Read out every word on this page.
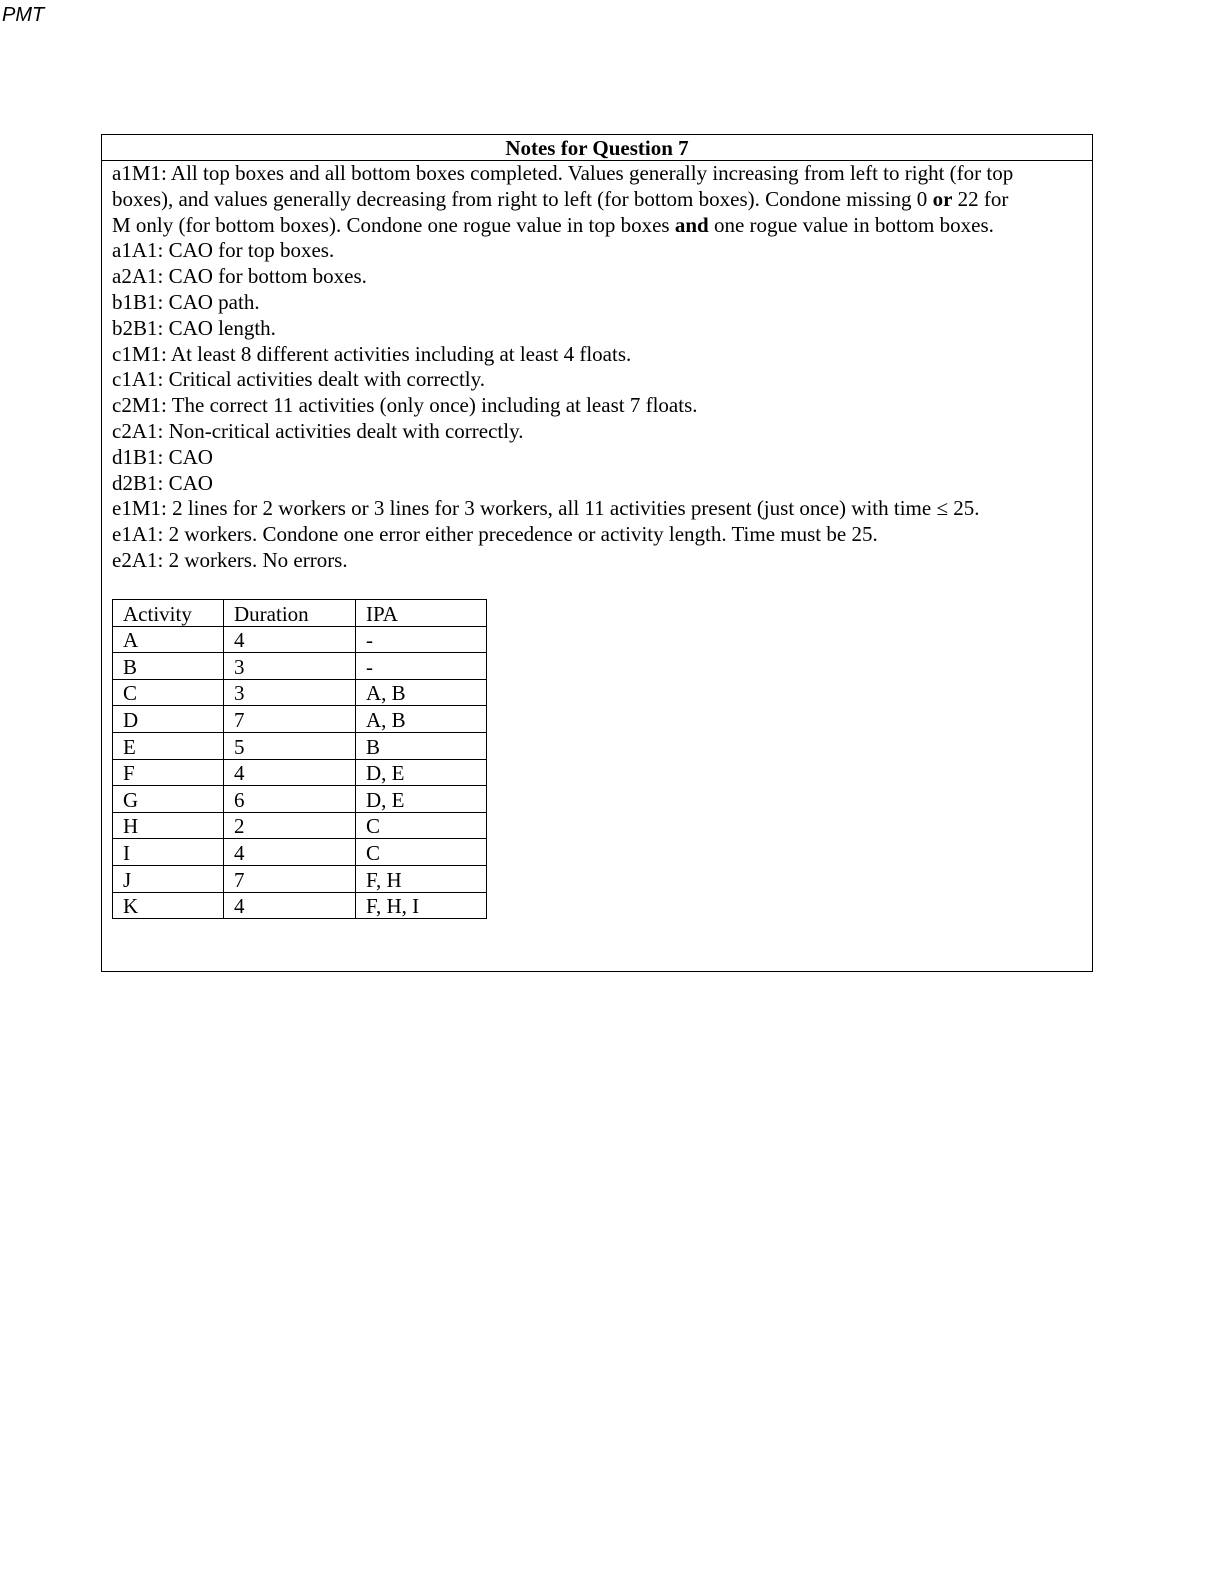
PMT
Notes for Question 7
a1M1: All top boxes and all bottom boxes completed. Values generally increasing from left to right (for top
boxes), and values generally decreasing from right to left (for bottom boxes). Condone missing 0 or 22 for
M only (for bottom boxes). Condone one rogue value in top boxes and one rogue value in bottom boxes.
a1A1: CAO for top boxes.
a2A1: CAO for bottom boxes.
b1B1: CAO path.
b2B1: CAO length.
c1M1: At least 8 different activities including at least 4 floats.
c1A1: Critical activities dealt with correctly.
c2M1: The correct 11 activities (only once) including at least 7 floats.
c2A1: Non-critical activities dealt with correctly.
d1B1: CAO
d2B1: CAO
e1M1: 2 lines for 2 workers or 3 lines for 3 workers, all 11 activities present (just once) with time ≤ 25.
e1A1: 2 workers. Condone one error either precedence or activity length. Time must be 25.
e2A1: 2 workers. No errors.
Activity	Duration	IPA
A	4	-
B	3	-
C	3	A, B
D	7	A, B
E	5	B
F	4	D, E
G	6	D, E
H	2	C
I	4	C
J	7	F, H
K	4	F, H, I
